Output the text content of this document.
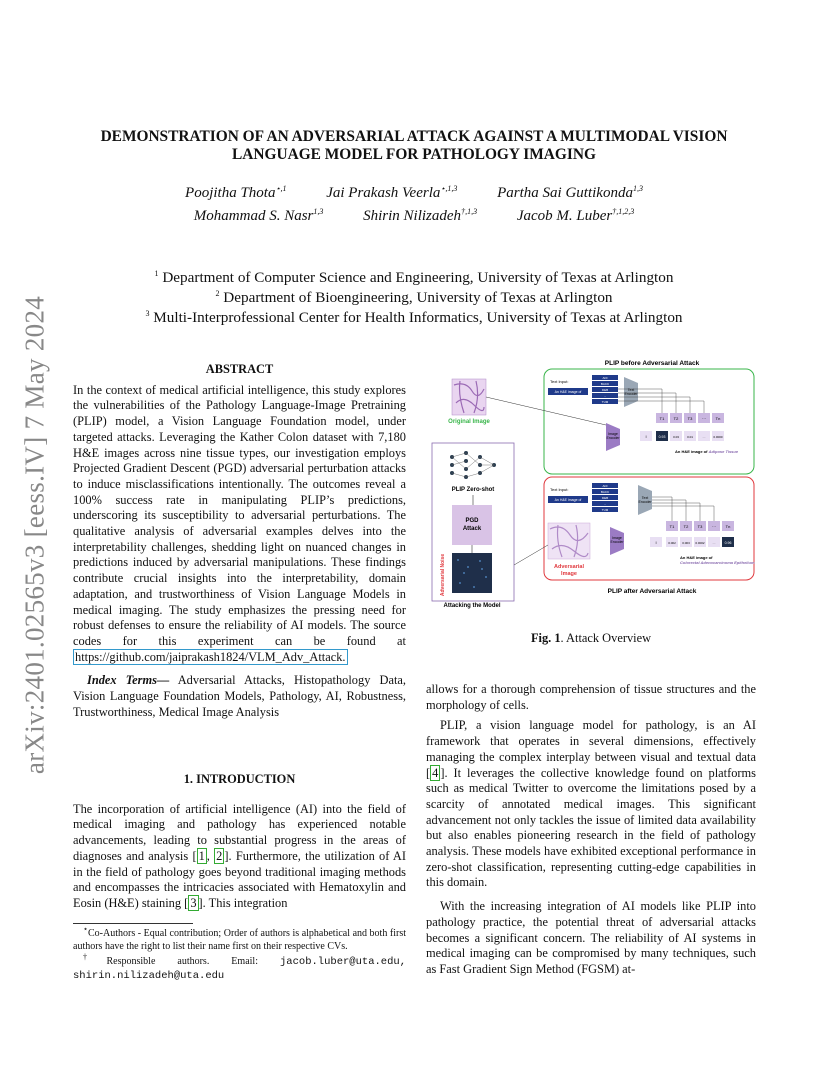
arXiv:2401.02565v3 [eess.IV] 7 May 2024
DEMONSTRATION OF AN ADVERSARIAL ATTACK AGAINST A MULTIMODAL VISION
LANGUAGE MODEL FOR PATHOLOGY IMAGING
Poojitha Thota$^{⋆,1}$	Jai Prakash Veerla$^{⋆,1,3}$	Partha Sai Guttikonda$^{1,3}$
Mohammad S. Nasr$^{1,3}$	Shirin Nilizadeh$^{\dagger,1,3}$	Jacob M. Luber$^{\dagger,1,2,3}$
$^1$ Department of Computer Science and Engineering, University of Texas at Arlington
$^2$ Department of Bioengineering, University of Texas at Arlington
$^3$ Multi-Interprofessional Center for Health Informatics, University of Texas at Arlington
ABSTRACT
In the context of medical artificial intelligence, this study explores the vulnerabilities of the Pathology Language-Image Pretraining (PLIP) model, a Vision Language Foundation model, under targeted attacks. Leveraging the Kather Colon dataset with 7,180 H&E images across nine tissue types, our investigation employs Projected Gradient Descent (PGD) adversarial perturbation attacks to induce misclassifications intentionally. The outcomes reveal a 100% success rate in manipulating PLIP’s predictions, underscoring its susceptibility to adversarial perturbations. The qualitative analysis of adversarial examples delves into the interpretability challenges, shedding light on nuanced changes in predictions induced by adversarial manipulations. These findings contribute crucial insights into the interpretability, domain adaptation, and trustworthiness of Vision Language Models in medical imaging. The study emphasizes the pressing need for robust defenses to ensure the reliability of AI models. The source codes for this experiment can be found at https://github.com/jaiprakash1824/VLM_Adv_Attack.
Index Terms— Adversarial Attacks, Histopathology Data, Vision Language Foundation Models, Pathology, AI, Robustness, Trustworthiness, Medical Image Analysis
1. INTRODUCTION
The incorporation of artificial intelligence (AI) into the field of medical imaging and pathology has experienced notable advancements, leading to substantial progress in the areas of diagnoses and analysis [ 1 , 2 ]. Furthermore, the utilization of AI in the field of pathology goes beyond traditional imaging methods and encompasses the intricacies associated with Hematoxylin and Eosin (H&E) staining [ 3 ]. This integration
⋆Co-Authors - Equal contribution; Order of authors is alphabetical and both first authors have the right to list their name first on their respective CVs.
†Responsible authors. Email: jacob.luber@uta.edu, shirin.nilizadeh@uta.edu
PLIP before Adversarial Attack
PLIP after Adversarial Attack
Original Image
PLIP Zero-shot
PGD
Attack
Adversarial Noise
Attacking the Model
Text Input:
An H&E image of
ADI
BACK
DEB
...
TUM
Text
Encoder
T1 T2 T3 ··· Tn
Image
Encoder	I	0.93	0.03	0.01	···	0.0000
An H&E image of Adipose Tissue
Text Input:
An H&E image of
ADI
BACK
DEB
...
TUM
Text
Encoder
Adversarial
Image
Image
Encoder
T1 T2 T3 ··· Tn
I	0.002 0.003 0.0002	···	0.96
An H&E image of
Colorectal Adenocarcinoma Epithelium
Fig. 1. Attack Overview
allows for a thorough comprehension of tissue structures and the morphology of cells.
PLIP, a vision language model for pathology, is an AI framework that operates in several dimensions, effectively managing the complex interplay between visual and textual data [ 4 ]. It leverages the collective knowledge found on platforms such as medical Twitter to overcome the limitations posed by a scarcity of annotated medical images. This significant advancement not only tackles the issue of limited data availability but also enables pioneering research in the field of pathology analysis. These models have exhibited exceptional performance in zero-shot classification, representing cutting-edge capabilities in this domain.
With the increasing integration of AI models like PLIP into pathology practice, the potential threat of adversarial attacks becomes a significant concern. The reliability of AI systems in medical imaging can be compromised by many techniques, such as Fast Gradient Sign Method (FGSM) at-
